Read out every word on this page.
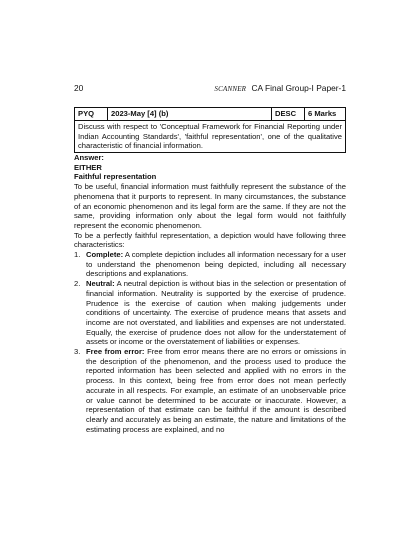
20	SCANNER CA Final Group-I Paper-1
PYQ	2023-May [4] (b)	DESC	6 Marks
Discuss with respect to 'Conceptual Framework for Financial Reporting under Indian Accounting Standards', 'faithful representation', one of the qualitative characteristic of financial information.

Answer:

EITHER

Faithful representation

To be useful, financial information must faithfully represent the substance of the phenomena that it purports to represent. In many circumstances, the substance of an economic phenomenon and its legal form are the same. If they are not the same, providing information only about the legal form would not faithfully represent the economic phenomenon.

To be a perfectly faithful representation, a depiction would have following three characteristics:

1. Complete: A complete depiction includes all information necessary for a user to understand the phenomenon being depicted, including all necessary descriptions and explanations.
2. Neutral: A neutral depiction is without bias in the selection or presentation of financial information. Neutrality is supported by the exercise of prudence. Prudence is the exercise of caution when making judgements under conditions of uncertainty. The exercise of prudence means that assets and income are not overstated, and liabilities and expenses are not understated. Equally, the exercise of prudence does not allow for the understatement of assets or income or the overstatement of liabilities or expenses.
3. Free from error: Free from error means there are no errors or omissions in the description of the phenomenon, and the process used to produce the reported information has been selected and applied with no errors in the process. In this context, being free from error does not mean perfectly accurate in all respects. For example, an estimate of an unobservable price or value cannot be determined to be accurate or inaccurate. However, a representation of that estimate can be faithful if the amount is described clearly and accurately as being an estimate, the nature and limitations of the estimating process are explained, and no
